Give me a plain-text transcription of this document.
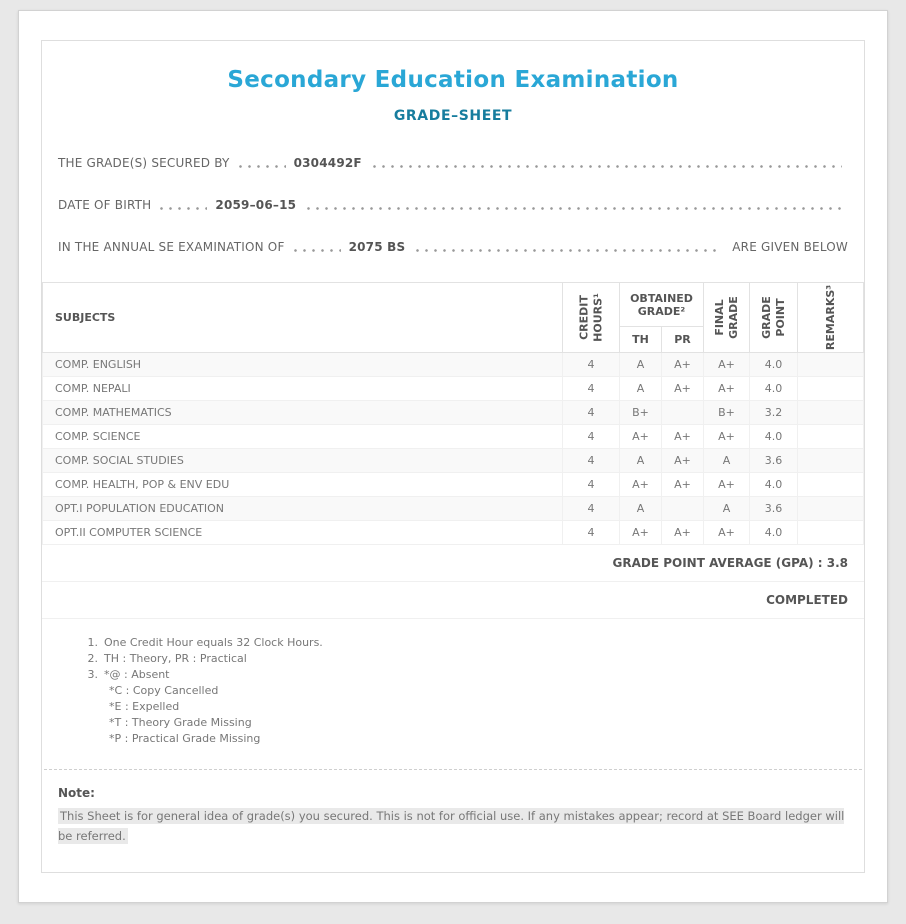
Secondary Education Examination
GRADE–SHEET
THE GRADE(S) SECURED BY	0304492F
DATE OF BIRTH	2059–06–15
IN THE ANNUAL SE EXAMINATION OF	2075 BS	ARE GIVEN BELOW
SUBJECTS	CREDIT HOURS¹	OBTAINED GRADE²		FINAL GRADE	GRADE POINT	REMARKS³

		TH	PR			
COMP. ENGLISH	4	A	A+	A+	4.0	
COMP. NEPALI	4	A	A+	A+	4.0	
COMP. MATHEMATICS	4	B+		B+	3.2	
COMP. SCIENCE	4	A+	A+	A+	4.0	
COMP. SOCIAL STUDIES	4	A	A+	A	3.6	
COMP. HEALTH, POP & ENV EDU	4	A+	A+	A+	4.0	
OPT.I POPULATION EDUCATION	4	A		A	3.6	
OPT.II COMPUTER SCIENCE	4	A+	A+	A+	4.0	
GRADE POINT AVERAGE (GPA) : 3.8
COMPLETED
1. One Credit Hour equals 32 Clock Hours.
2. TH : Theory, PR : Practical
3. *@ : Absent
*C : Copy Cancelled
*E : Expelled
*T : Theory Grade Missing
*P : Practical Grade Missing
Note:
This Sheet is for general idea of grade(s) you secured. This is not for official use. If any mistakes appear; record at SEE Board ledger will be referred.
